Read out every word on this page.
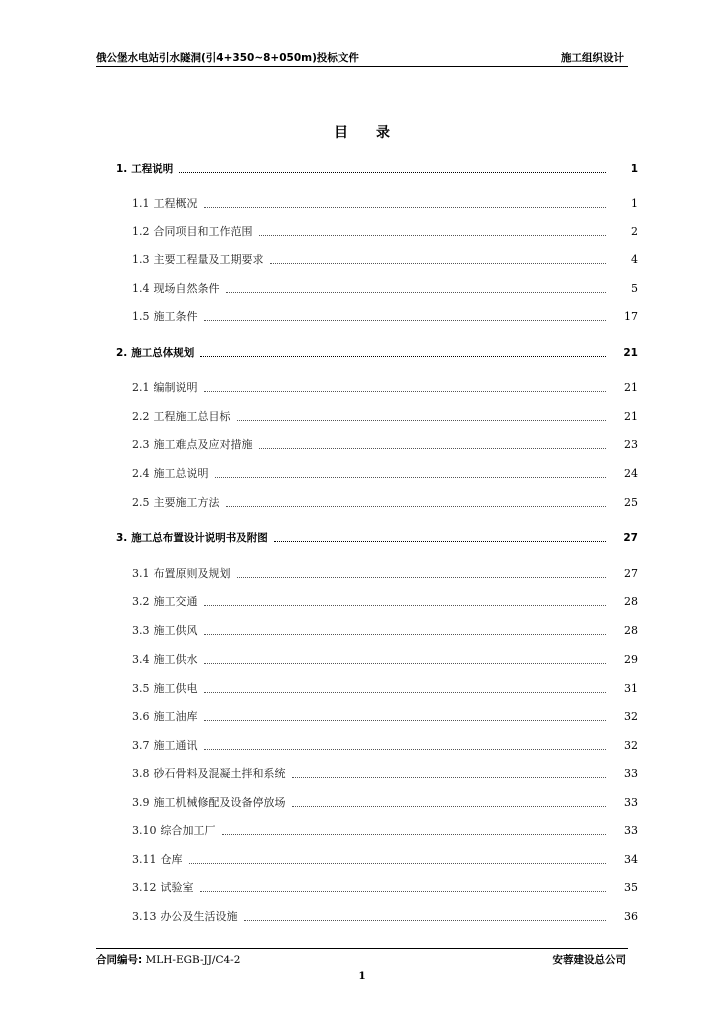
俄公堡水电站引水隧洞(引4+350~8+050m)投标文件	施工组织设计
目 录
1. 工程说明	1
1.1 工程概况	1
1.2 合同项目和工作范围	2
1.3 主要工程量及工期要求	4
1.4 现场自然条件	5
1.5 施工条件	17
2. 施工总体规划	21
2.1 编制说明	21
2.2 工程施工总目标	21
2.3 施工难点及应对措施	23
2.4 施工总说明	24
2.5 主要施工方法	25
3. 施工总布置设计说明书及附图	27
3.1 布置原则及规划	27
3.2 施工交通	28
3.3 施工供风	28
3.4 施工供水	29
3.5 施工供电	31
3.6 施工油库	32
3.7 施工通讯	32
3.8 砂石骨料及混凝土拌和系统	33
3.9 施工机械修配及设备停放场	33
3.10 综合加工厂	33
3.11 仓库	34
3.12 试验室	35
3.13 办公及生活设施	36
合同编号: MLH-EGB-JJ/C4-2	安蓉建设总公司
1
